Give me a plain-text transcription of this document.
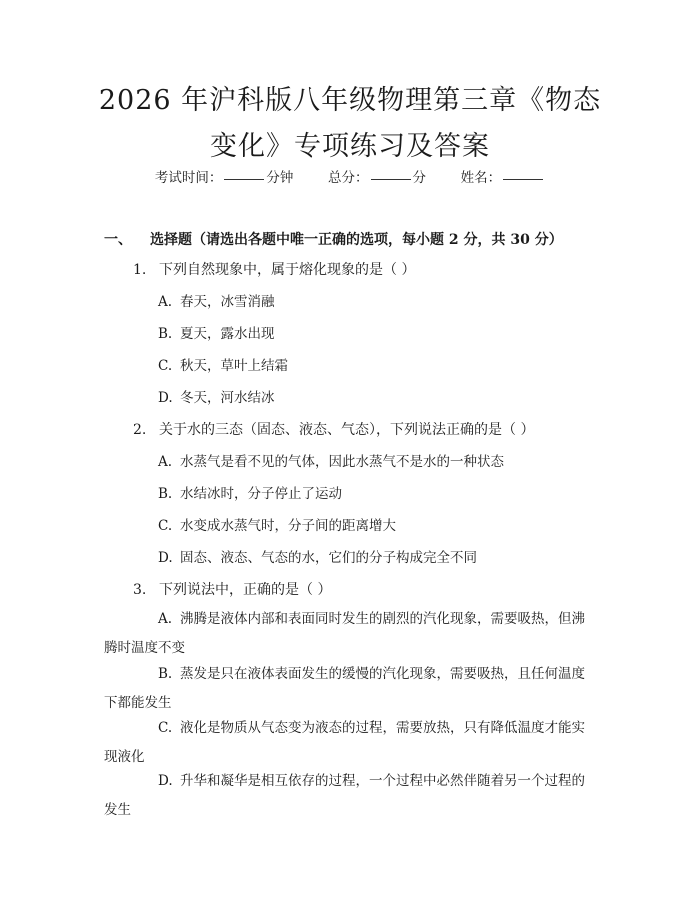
2026 年沪科版八年级物理第三章《物态变化》专项练习及答案
考试时间：	分钟	总分：	分	姓名：
一、 选择题（请选出各题中唯一正确的选项，每小题 2 分，共 30 分）
1. 下列自然现象中，属于熔化现象的是（ ）
A. 春天，冰雪消融
B. 夏天，露水出现
C. 秋天，草叶上结霜
D. 冬天，河水结冰
2. 关于水的三态（固态、液态、气态），下列说法正确的是（ ）
A. 水蒸气是看不见的气体，因此水蒸气不是水的一种状态
B. 水结冰时，分子停止了运动
C. 水变成水蒸气时，分子间的距离增大
D. 固态、液态、气态的水，它们的分子构成完全不同
3. 下列说法中，正确的是（ ）
A. 沸腾是液体内部和表面同时发生的剧烈的汽化现象，需要吸热，但沸腾时温度不变
B. 蒸发是只在液体表面发生的缓慢的汽化现象，需要吸热，且任何温度下都能发生
C. 液化是物质从气态变为液态的过程，需要放热，只有降低温度才能实现液化
D. 升华和凝华是相互依存的过程，一个过程中必然伴随着另一个过程的发生
